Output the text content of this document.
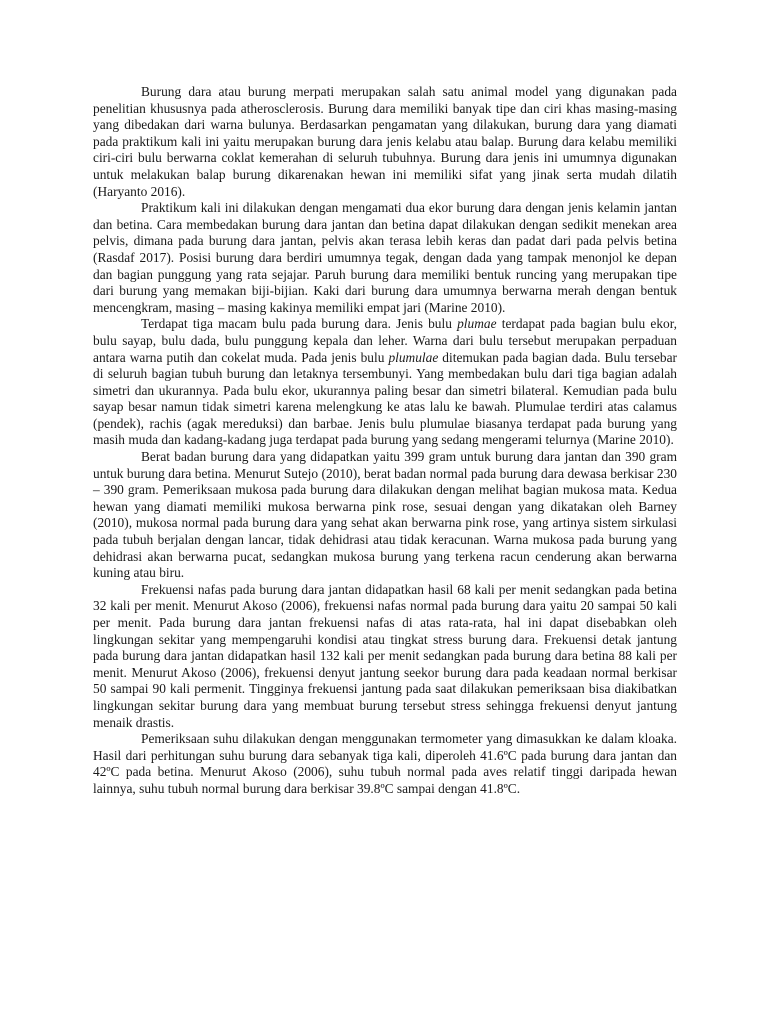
Burung dara atau burung merpati merupakan salah satu animal model yang digunakan pada penelitian khususnya pada atherosclerosis. Burung dara memiliki banyak tipe dan ciri khas masing-masing yang dibedakan dari warna bulunya. Berdasarkan pengamatan yang dilakukan, burung dara yang diamati pada praktikum kali ini yaitu merupakan burung dara jenis kelabu atau balap. Burung dara kelabu memiliki ciri-ciri bulu berwarna coklat kemerahan di seluruh tubuhnya. Burung dara jenis ini umumnya digunakan untuk melakukan balap burung dikarenakan hewan ini memiliki sifat yang jinak serta mudah dilatih (Haryanto 2016).

Praktikum kali ini dilakukan dengan mengamati dua ekor burung dara dengan jenis kelamin jantan dan betina. Cara membedakan burung dara jantan dan betina dapat dilakukan dengan sedikit menekan area pelvis, dimana pada burung dara jantan, pelvis akan terasa lebih keras dan padat dari pada pelvis betina (Rasdaf 2017). Posisi burung dara berdiri umumnya tegak, dengan dada yang tampak menonjol ke depan dan bagian punggung yang rata sejajar. Paruh burung dara memiliki bentuk runcing yang merupakan tipe dari burung yang memakan biji-bijian. Kaki dari burung dara umumnya berwarna merah dengan bentuk mencengkram, masing – masing kakinya memiliki empat jari (Marine 2010).

Terdapat tiga macam bulu pada burung dara. Jenis bulu plumae terdapat pada bagian bulu ekor, bulu sayap, bulu dada, bulu punggung kepala dan leher. Warna dari bulu tersebut merupakan perpaduan antara warna putih dan cokelat muda. Pada jenis bulu plumulae ditemukan pada bagian dada. Bulu tersebar di seluruh bagian tubuh burung dan letaknya tersembunyi. Yang membedakan bulu dari tiga bagian adalah simetri dan ukurannya. Pada bulu ekor, ukurannya paling besar dan simetri bilateral. Kemudian pada bulu sayap besar namun tidak simetri karena melengkung ke atas lalu ke bawah. Plumulae terdiri atas calamus (pendek), rachis (agak mereduksi) dan barbae. Jenis bulu plumulae biasanya terdapat pada burung yang masih muda dan kadang-kadang juga terdapat pada burung yang sedang mengerami telurnya (Marine 2010).

Berat badan burung dara yang didapatkan yaitu 399 gram untuk burung dara jantan dan 390 gram untuk burung dara betina. Menurut Sutejo (2010), berat badan normal pada burung dara dewasa berkisar 230 – 390 gram. Pemeriksaan mukosa pada burung dara dilakukan dengan melihat bagian mukosa mata. Kedua hewan yang diamati memiliki mukosa berwarna pink rose, sesuai dengan yang dikatakan oleh Barney (2010), mukosa normal pada burung dara yang sehat akan berwarna pink rose, yang artinya sistem sirkulasi pada tubuh berjalan dengan lancar, tidak dehidrasi atau tidak keracunan. Warna mukosa pada burung yang dehidrasi akan berwarna pucat, sedangkan mukosa burung yang terkena racun cenderung akan berwarna kuning atau biru.

Frekuensi nafas pada burung dara jantan didapatkan hasil 68 kali per menit sedangkan pada betina 32 kali per menit. Menurut Akoso (2006), frekuensi nafas normal pada burung dara yaitu 20 sampai 50 kali per menit. Pada burung dara jantan frekuensi nafas di atas rata-rata, hal ini dapat disebabkan oleh lingkungan sekitar yang mempengaruhi kondisi atau tingkat stress burung dara. Frekuensi detak jantung pada burung dara jantan didapatkan hasil 132 kali per menit sedangkan pada burung dara betina 88 kali per menit. Menurut Akoso (2006), frekuensi denyut jantung seekor burung dara pada keadaan normal berkisar 50 sampai 90 kali permenit. Tingginya frekuensi jantung pada saat dilakukan pemeriksaan bisa diakibatkan lingkungan sekitar burung dara yang membuat burung tersebut stress sehingga frekuensi denyut jantung menaik drastis.

Pemeriksaan suhu dilakukan dengan menggunakan termometer yang dimasukkan ke dalam kloaka. Hasil dari perhitungan suhu burung dara sebanyak tiga kali, diperoleh 41.6ºC pada burung dara jantan dan 42ºC pada betina. Menurut Akoso (2006), suhu tubuh normal pada aves relatif tinggi daripada hewan lainnya, suhu tubuh normal burung dara berkisar 39.8ºC sampai dengan 41.8ºC.
